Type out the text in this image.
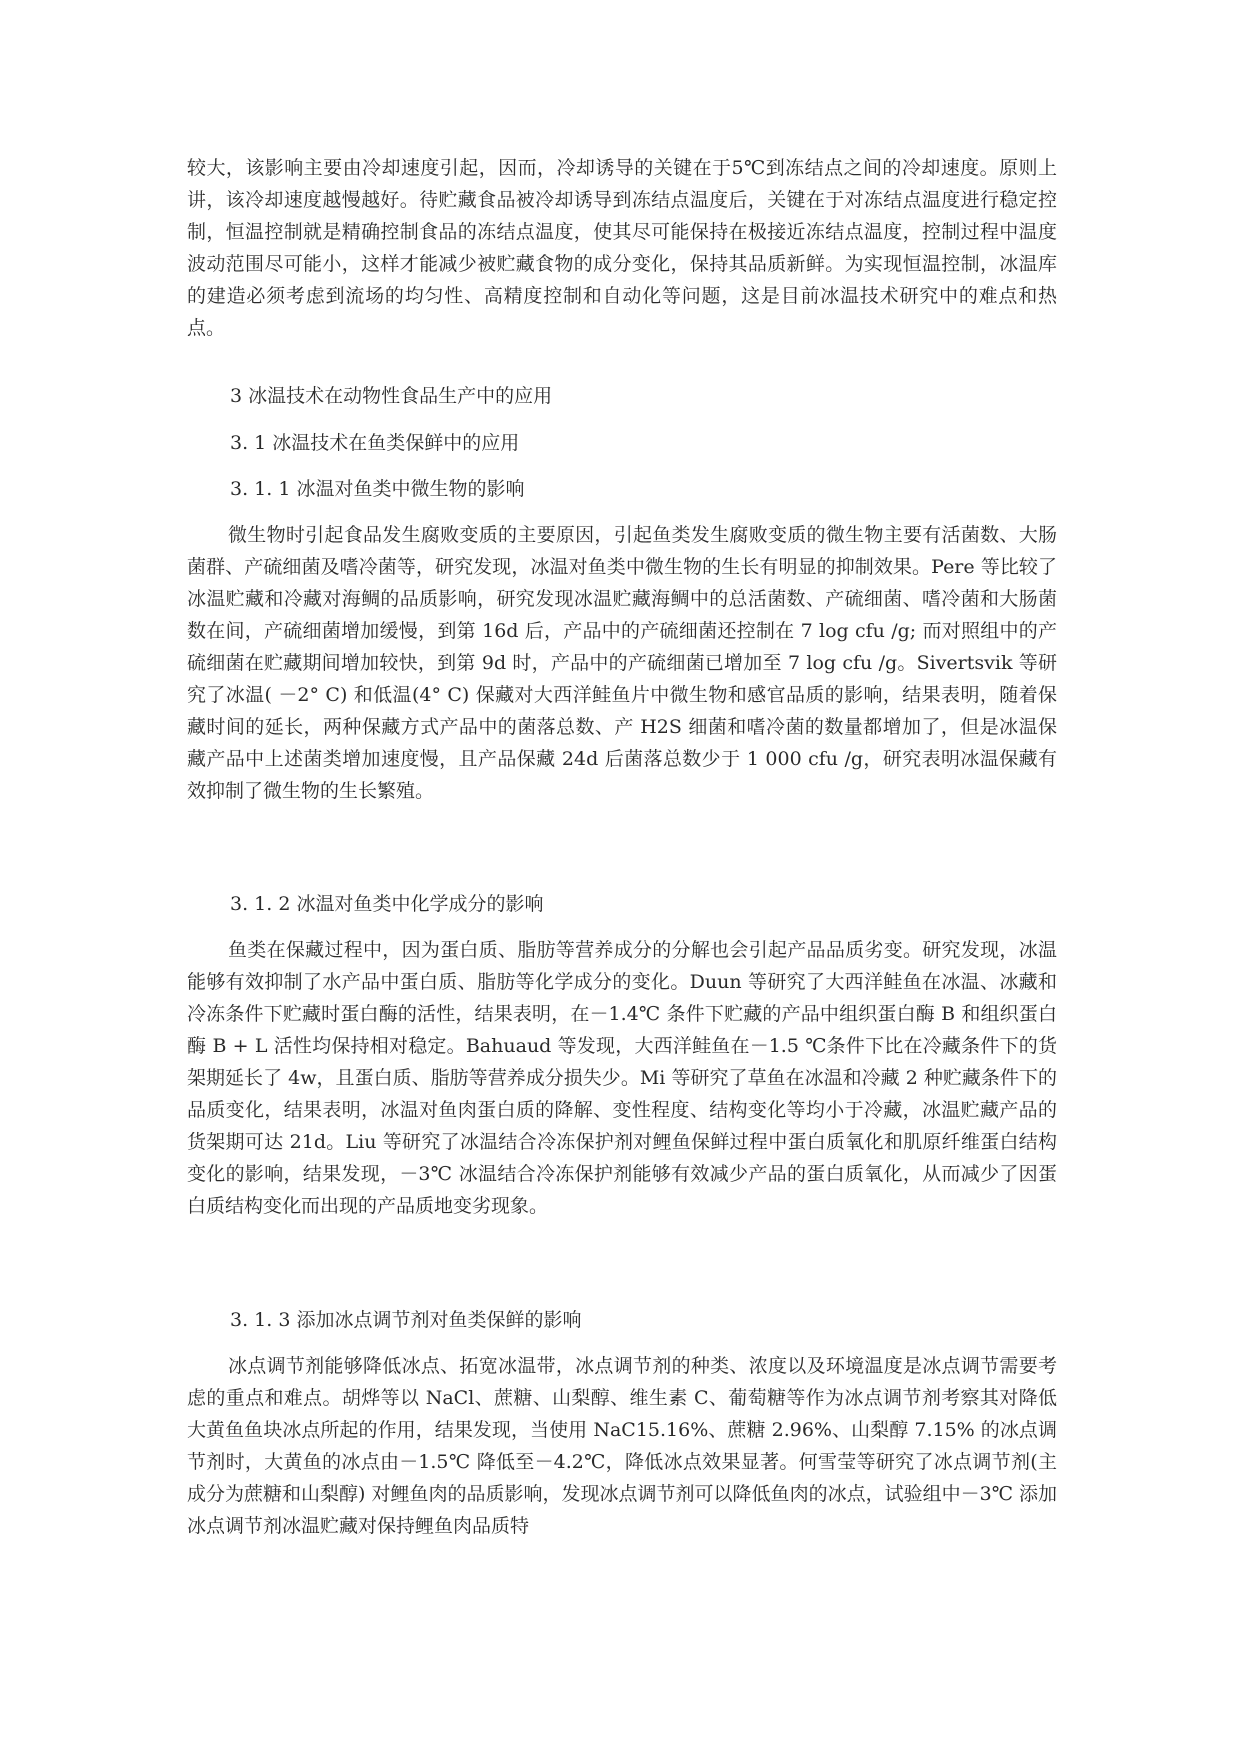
较大，该影响主要由冷却速度引起，因而，冷却诱导的关键在于5℃到冻结点之间的冷却速度。原则上讲，该冷却速度越慢越好。待贮藏食品被冷却诱导到冻结点温度后，关键在于对冻结点温度进行稳定控制，恒温控制就是精确控制食品的冻结点温度，使其尽可能保持在极接近冻结点温度，控制过程中温度波动范围尽可能小，这样才能减少被贮藏食物的成分变化，保持其品质新鲜。为实现恒温控制，冰温库的建造必须考虑到流场的均匀性、高精度控制和自动化等问题，这是目前冰温技术研究中的难点和热点。

3 冰温技术在动物性食品生产中的应用

3. 1 冰温技术在鱼类保鲜中的应用

3. 1. 1 冰温对鱼类中微生物的影响

微生物时引起食品发生腐败变质的主要原因，引起鱼类发生腐败变质的微生物主要有活菌数、大肠菌群、产硫细菌及嗜冷菌等，研究发现，冰温对鱼类中微生物的生长有明显的抑制效果。Pere 等比较了冰温贮藏和冷藏对海鲷的品质影响，研究发现冰温贮藏海鲷中的总活菌数、产硫细菌、嗜冷菌和大肠菌数在间，产硫细菌增加缓慢，到第 16d 后，产品中的产硫细菌还控制在 7 log cfu /g; 而对照组中的产硫细菌在贮藏期间增加较快，到第 9d 时，产品中的产硫细菌已增加至 7 log cfu /g。Sivertsvik 等研究了冰温( －2° C) 和低温(4° C) 保藏对大西洋鲑鱼片中微生物和感官品质的影响，结果表明，随着保藏时间的延长，两种保藏方式产品中的菌落总数、产 H2S 细菌和嗜冷菌的数量都增加了，但是冰温保藏产品中上述菌类增加速度慢，且产品保藏 24d 后菌落总数少于 1 000 cfu /g，研究表明冰温保藏有效抑制了微生物的生长繁殖。

3. 1. 2 冰温对鱼类中化学成分的影响

鱼类在保藏过程中，因为蛋白质、脂肪等营养成分的分解也会引起产品品质劣变。研究发现，冰温能够有效抑制了水产品中蛋白质、脂肪等化学成分的变化。Duun 等研究了大西洋鲑鱼在冰温、冰藏和冷冻条件下贮藏时蛋白酶的活性，结果表明，在－1.4℃ 条件下贮藏的产品中组织蛋白酶 B 和组织蛋白酶 B + L 活性均保持相对稳定。Bahuaud 等发现，大西洋鲑鱼在－1.5 ℃条件下比在冷藏条件下的货架期延长了 4w，且蛋白质、脂肪等营养成分损失少。Mi 等研究了草鱼在冰温和冷藏 2 种贮藏条件下的品质变化，结果表明，冰温对鱼肉蛋白质的降解、变性程度、结构变化等均小于冷藏，冰温贮藏产品的货架期可达 21d。Liu 等研究了冰温结合冷冻保护剂对鲤鱼保鲜过程中蛋白质氧化和肌原纤维蛋白结构变化的影响，结果发现，－3℃ 冰温结合冷冻保护剂能够有效减少产品的蛋白质氧化，从而减少了因蛋白质结构变化而出现的产品质地变劣现象。

3. 1. 3 添加冰点调节剂对鱼类保鲜的影响

冰点调节剂能够降低冰点、拓宽冰温带，冰点调节剂的种类、浓度以及环境温度是冰点调节需要考虑的重点和难点。胡烨等以 NaCl、蔗糖、山梨醇、维生素 C、葡萄糖等作为冰点调节剂考察其对降低大黄鱼鱼块冰点所起的作用，结果发现，当使用 NaC15.16%、蔗糖 2.96%、山梨醇 7.15% 的冰点调节剂时，大黄鱼的冰点由－1.5℃ 降低至－4.2℃，降低冰点效果显著。何雪莹等研究了冰点调节剂(主成分为蔗糖和山梨醇) 对鲤鱼肉的品质影响，发现冰点调节剂可以降低鱼肉的冰点，试验组中－3℃ 添加冰点调节剂冰温贮藏对保持鲤鱼肉品质特
